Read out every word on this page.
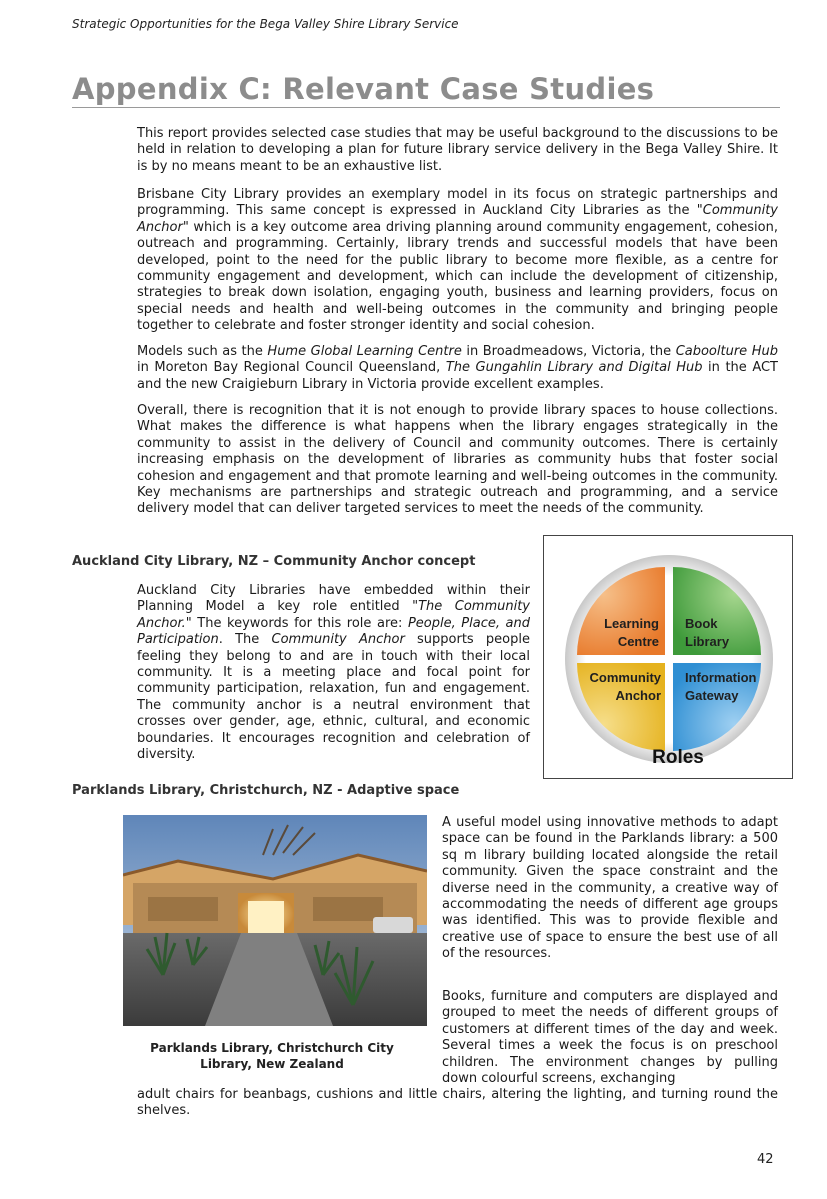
Strategic Opportunities for the Bega Valley Shire Library Service
Appendix C: Relevant Case Studies

This report provides selected case studies that may be useful background to the discussions to be held in relation to developing a plan for future library service delivery in the Bega Valley Shire. It is by no means meant to be an exhaustive list.

Brisbane City Library provides an exemplary model in its focus on strategic partnerships and programming. This same concept is expressed in Auckland City Libraries as the "Community Anchor" which is a key outcome area driving planning around community engagement, cohesion, outreach and programming. Certainly, library trends and successful models that have been developed, point to the need for the public library to become more flexible, as a centre for community engagement and development, which can include the development of citizenship, strategies to break down isolation, engaging youth, business and learning providers, focus on special needs and health and well-being outcomes in the community and bringing people together to celebrate and foster stronger identity and social cohesion.

Models such as the Hume Global Learning Centre in Broadmeadows, Victoria, the Caboolture Hub in Moreton Bay Regional Council Queensland, The Gungahlin Library and Digital Hub in the ACT and the new Craigieburn Library in Victoria provide excellent examples.

Overall, there is recognition that it is not enough to provide library spaces to house collections. What makes the difference is what happens when the library engages strategically in the community to assist in the delivery of Council and community outcomes. There is certainly increasing emphasis on the development of libraries as community hubs that foster social cohesion and engagement and that promote learning and well-being outcomes in the community. Key mechanisms are partnerships and strategic outreach and programming, and a service delivery model that can deliver targeted services to meet the needs of the community.

Auckland City Library, NZ – Community Anchor concept

Auckland City Libraries have embedded within their Planning Model a key role entitled "The Community Anchor." The keywords for this role are: People, Place, and Participation. The Community Anchor supports people feeling they belong to and are in touch with their local community. It is a meeting place and focal point for community participation, relaxation, fun and engagement. The community anchor is a neutral environment that crosses over gender, age, ethnic, cultural, and economic boundaries. It encourages recognition and celebration of diversity.

Learning
Centre
Book
Library
Community
Anchor
Information
Gateway
Roles
Parklands Library, Christchurch, NZ - Adaptive space

Parklands Library, Christchurch City
Library, New Zealand

A useful model using innovative methods to adapt space can be found in the Parklands library: a 500 sq m library building located alongside the retail community. Given the space constraint and the diverse need in the community, a creative way of accommodating the needs of different age groups was identified. This was to provide flexible and creative use of space to ensure the best use of all of the resources.

Books, furniture and computers are displayed and grouped to meet the needs of different groups of customers at different times of the day and week. Several times a week the focus is on preschool children. The environment changes by pulling down colourful screens, exchanging

adult chairs for beanbags, cushions and little chairs, altering the lighting, and turning round the shelves.

42
